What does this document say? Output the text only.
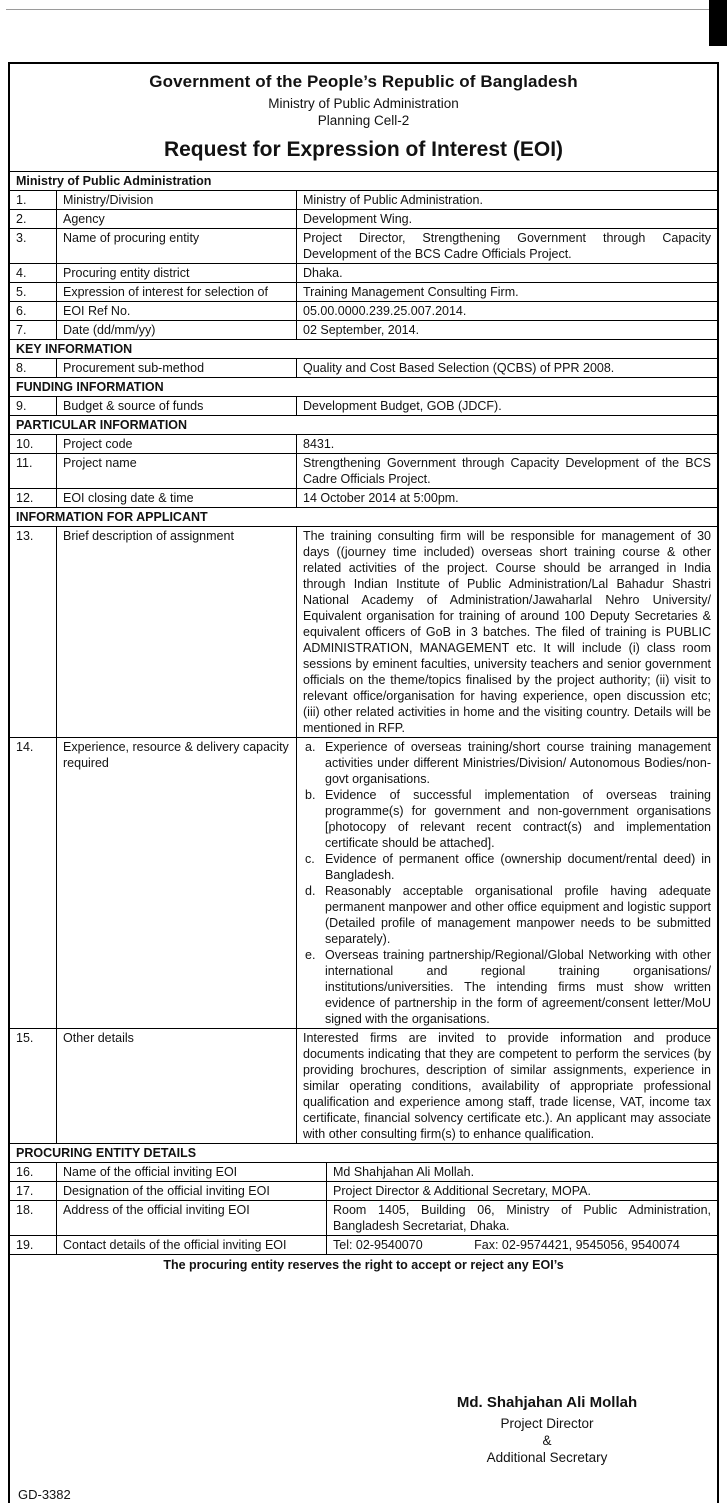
Government of the People’s Republic of Bangladesh
Ministry of Public Administration
Planning Cell-2
Request for Expression of Interest (EOI)
Ministry of Public Administration
1.	Ministry/Division	Ministry of Public Administration.
2.	Agency	Development Wing.
3.	Name of procuring entity	Project Director, Strengthening Government through Capacity Development of the BCS Cadre Officials Project.
4.	Procuring entity district	Dhaka.
5.	Expression of interest for selection of	Training Management Consulting Firm.
6.	EOI Ref No.	05.00.0000.239.25.007.2014.
7.	Date (dd/mm/yy)	02 September, 2014.
KEY INFORMATION
8.	Procurement sub-method	Quality and Cost Based Selection (QCBS) of PPR 2008.
FUNDING INFORMATION
9.	Budget & source of funds	Development Budget, GOB (JDCF).
PARTICULAR INFORMATION
10.	Project code	8431.
11.	Project name	Strengthening Government through Capacity Development of the BCS Cadre Officials Project.
12.	EOI closing date & time	14 October 2014 at 5:00pm.
INFORMATION FOR APPLICANT
13.	Brief description of assignment	The training consulting firm will be responsible for management of 30 days ((journey time included) overseas short training course & other related activities of the project. Course should be arranged in India through Indian Institute of Public Administration/Lal Bahadur Shastri National Academy of Administration/Jawaharlal Nehro University/ Equivalent organisation for training of around 100 Deputy Secretaries & equivalent officers of GoB in 3 batches. The filed of training is PUBLIC ADMINISTRATION, MANAGEMENT etc. It will include (i) class room sessions by eminent faculties, university teachers and senior government officials on the theme/topics finalised by the project authority; (ii) visit to relevant office/organisation for having experience, open discussion etc; (iii) other related activities in home and the visiting country. Details will be mentioned in RFP.
14.	Experience, resource & delivery capacity required
a. Experience of overseas training/short course training management activities under different Ministries/Division/ Autonomous Bodies/non-govt organisations.
b. Evidence of successful implementation of overseas training programme(s) for government and non-government organisations [photocopy of relevant recent contract(s) and implementation certificate should be attached].
c. Evidence of permanent office (ownership document/rental deed) in Bangladesh.
d. Reasonably acceptable organisational profile having adequate permanent manpower and other office equipment and logistic support (Detailed profile of management manpower needs to be submitted separately).
e. Overseas training partnership/Regional/Global Networking with other international and regional training organisations/ institutions/universities. The intending firms must show written evidence of partnership in the form of agreement/consent letter/MoU signed with the organisations.
15.	Other details	Interested firms are invited to provide information and produce documents indicating that they are competent to perform the services (by providing brochures, description of similar assignments, experience in similar operating conditions, availability of appropriate professional qualification and experience among staff, trade license, VAT, income tax certificate, financial solvency certificate etc.). An applicant may associate with other consulting firm(s) to enhance qualification.
PROCURING ENTITY DETAILS
16.	Name of the official inviting EOI	Md Shahjahan Ali Mollah.
17.	Designation of the official inviting EOI	Project Director & Additional Secretary, MOPA.
18.	Address of the official inviting EOI	Room 1405, Building 06, Ministry of Public Administration, Bangladesh Secretariat, Dhaka.
19.	Contact details of the official inviting EOI	Tel: 02-9540070	Fax: 02-9574421, 9545056, 9540074
The procuring entity reserves the right to accept or reject any EOI’s
Md. Shahjahan Ali Mollah
Project Director
&
Additional Secretary
GD-3382
